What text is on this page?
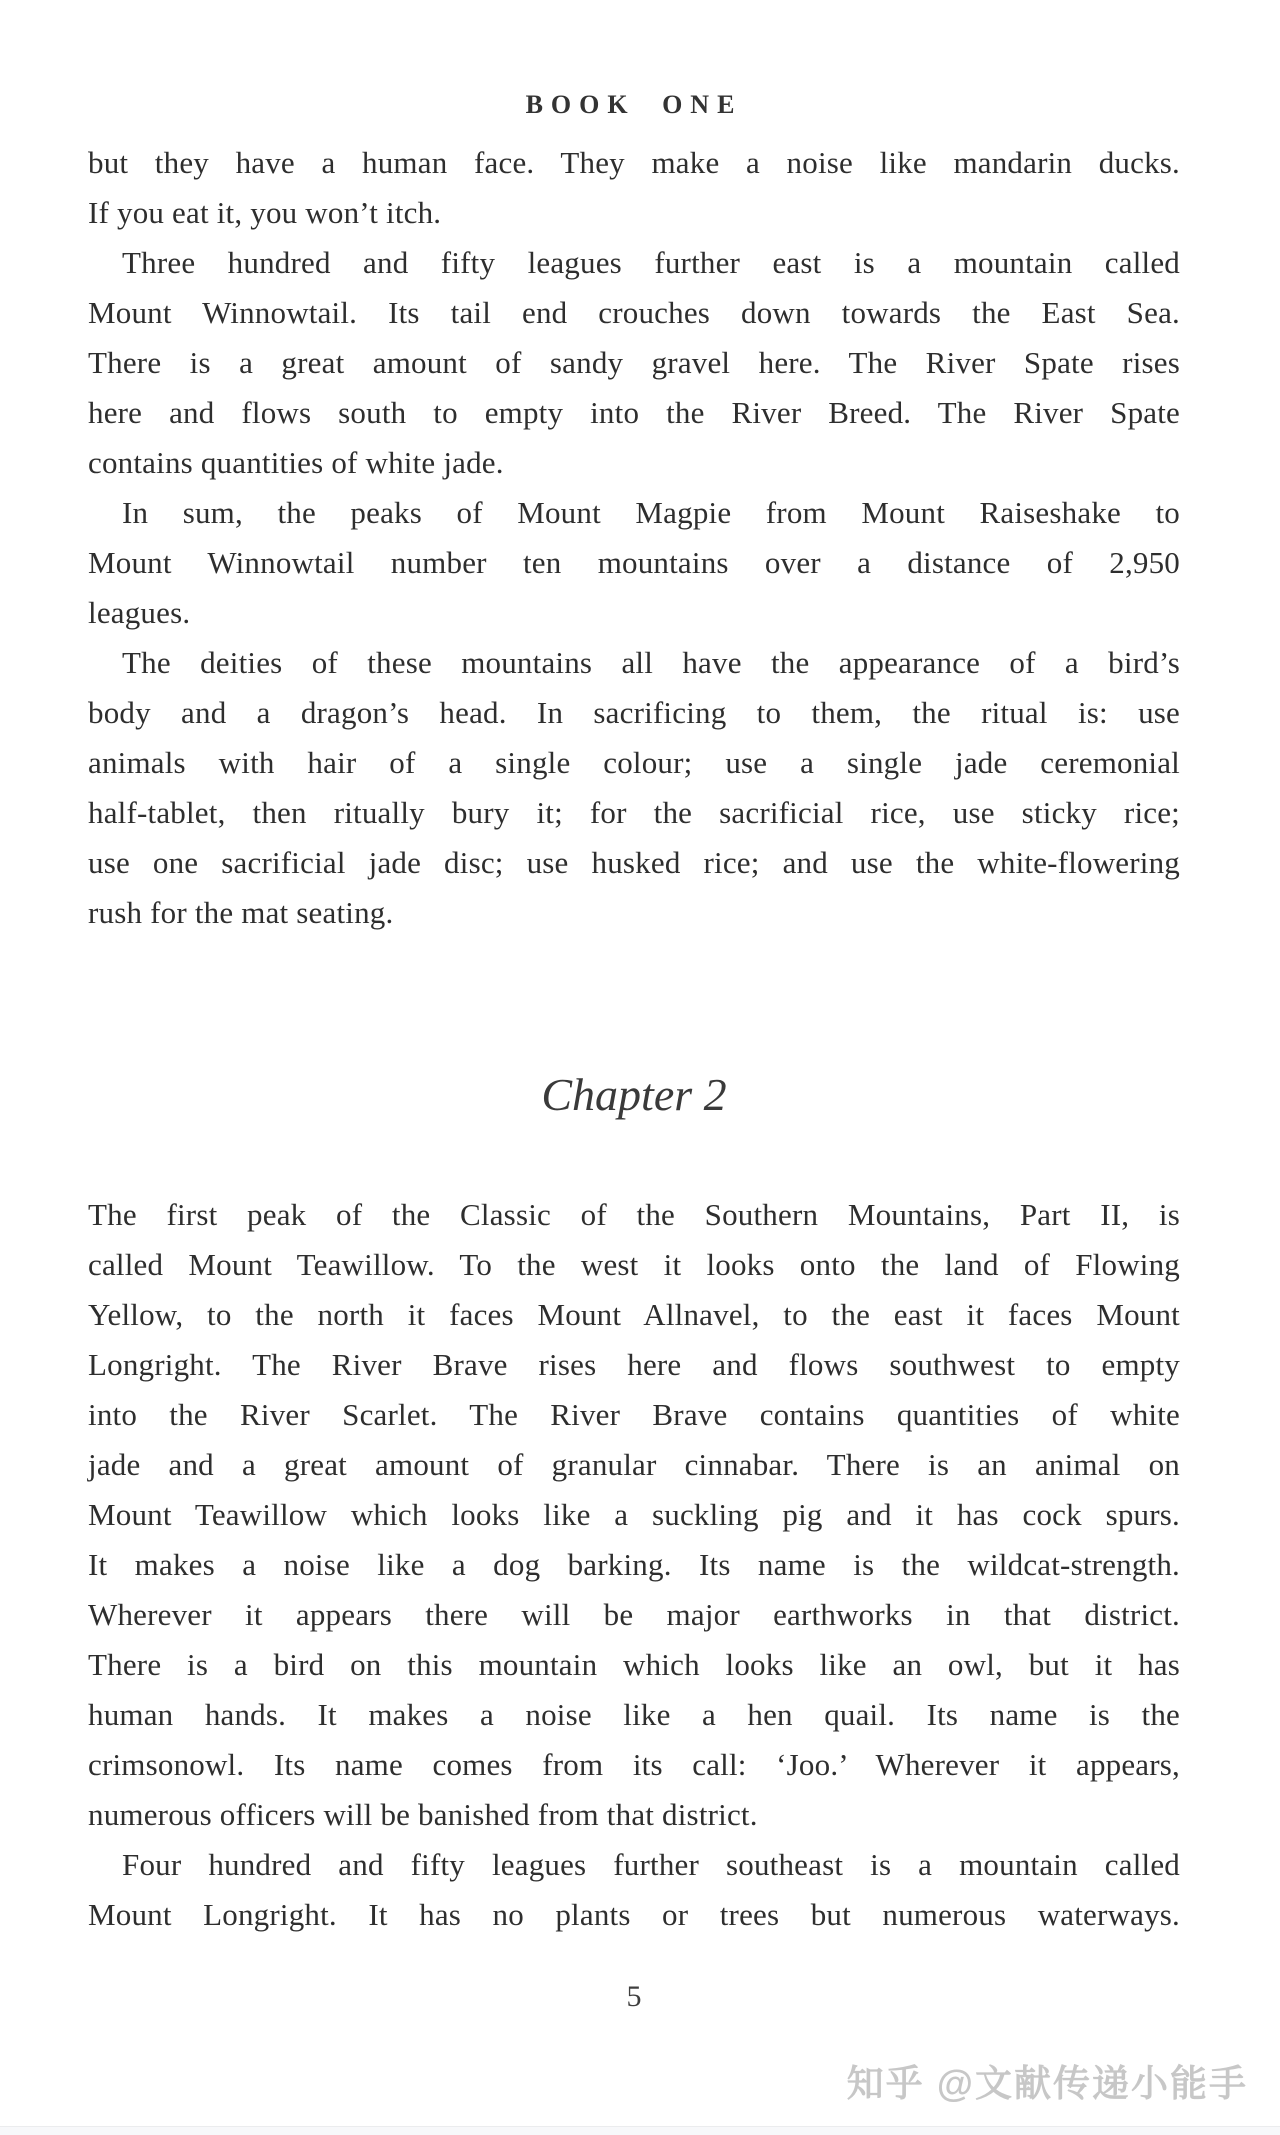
BOOK ONE
but they have a human face. They make a noise like mandarin ducks.
If you eat it, you won’t itch.
Three hundred and fifty leagues further east is a mountain called
Mount Winnowtail. Its tail end crouches down towards the East Sea.
There is a great amount of sandy gravel here. The River Spate rises
here and flows south to empty into the River Breed. The River Spate
contains quantities of white jade.
In sum, the peaks of Mount Magpie from Mount Raiseshake to
Mount Winnowtail number ten mountains over a distance of 2,950
leagues.
The deities of these mountains all have the appearance of a bird’s
body and a dragon’s head. In sacrificing to them, the ritual is: use
animals with hair of a single colour; use a single jade ceremonial
half-tablet, then ritually bury it; for the sacrificial rice, use sticky rice;
use one sacrificial jade disc; use husked rice; and use the white-flowering
rush for the mat seating.
Chapter 2
The first peak of the Classic of the Southern Mountains, Part II, is
called Mount Teawillow. To the west it looks onto the land of Flowing
Yellow, to the north it faces Mount Allnavel, to the east it faces Mount
Longright. The River Brave rises here and flows southwest to empty
into the River Scarlet. The River Brave contains quantities of white
jade and a great amount of granular cinnabar. There is an animal on
Mount Teawillow which looks like a suckling pig and it has cock spurs.
It makes a noise like a dog barking. Its name is the wildcat-strength.
Wherever it appears there will be major earthworks in that district.
There is a bird on this mountain which looks like an owl, but it has
human hands. It makes a noise like a hen quail. Its name is the
crimsonowl. Its name comes from its call: ‘Joo.’ Wherever it appears,
numerous officers will be banished from that district.
Four hundred and fifty leagues further southeast is a mountain called
Mount Longright. It has no plants or trees but numerous waterways.
5
知乎 @文献传递小能手
